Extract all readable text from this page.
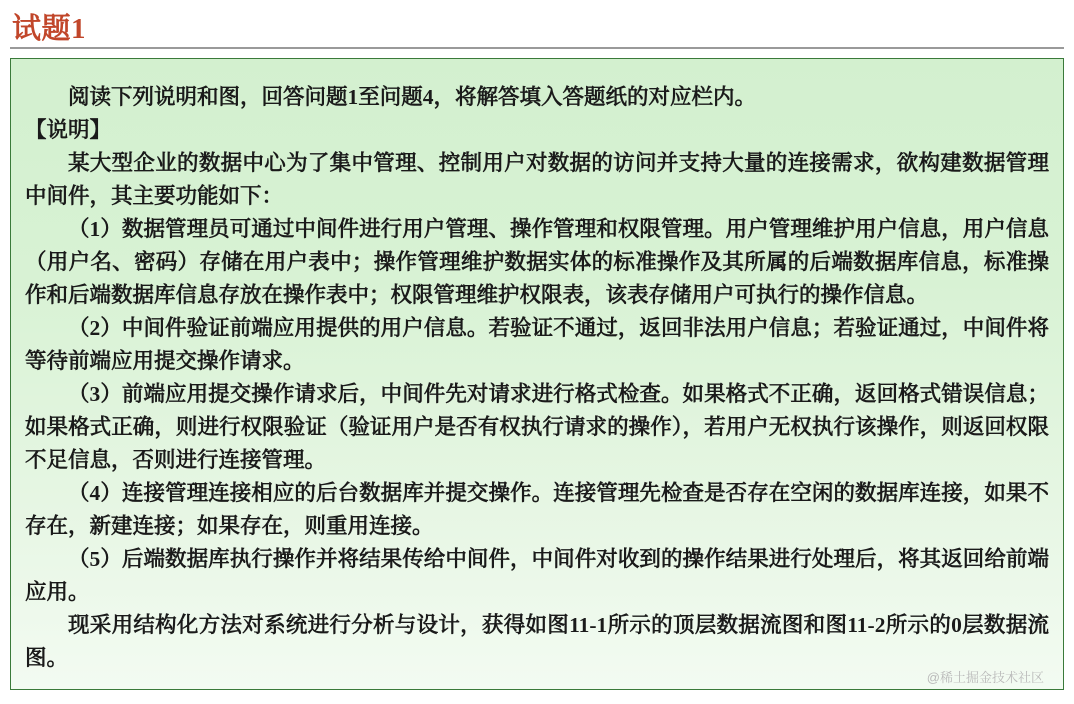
试题1

阅读下列说明和图，回答问题1至问题4，将解答填入答题纸的对应栏内。

【说明】

某大型企业的数据中心为了集中管理、控制用户对数据的访问并支持大量的连接需求，欲构建数据管理中间件，其主要功能如下：

（1）数据管理员可通过中间件进行用户管理、操作管理和权限管理。用户管理维护用户信息，用户信息（用户名、密码）存储在用户表中；操作管理维护数据实体的标准操作及其所属的后端数据库信息，标准操作和后端数据库信息存放在操作表中；权限管理维护权限表，该表存储用户可执行的操作信息。

（2）中间件验证前端应用提供的用户信息。若验证不通过，返回非法用户信息；若验证通过，中间件将等待前端应用提交操作请求。

（3）前端应用提交操作请求后，中间件先对请求进行格式检查。如果格式不正确，返回格式错误信息；如果格式正确，则进行权限验证（验证用户是否有权执行请求的操作），若用户无权执行该操作，则返回权限不足信息，否则进行连接管理。

（4）连接管理连接相应的后台数据库并提交操作。连接管理先检查是否存在空闲的数据库连接，如果不存在，新建连接；如果存在，则重用连接。

（5）后端数据库执行操作并将结果传给中间件，中间件对收到的操作结果进行处理后，将其返回给前端应用。

现采用结构化方法对系统进行分析与设计，获得如图11-1所示的顶层数据流图和图11-2所示的0层数据流图。

@稀土掘金技术社区
